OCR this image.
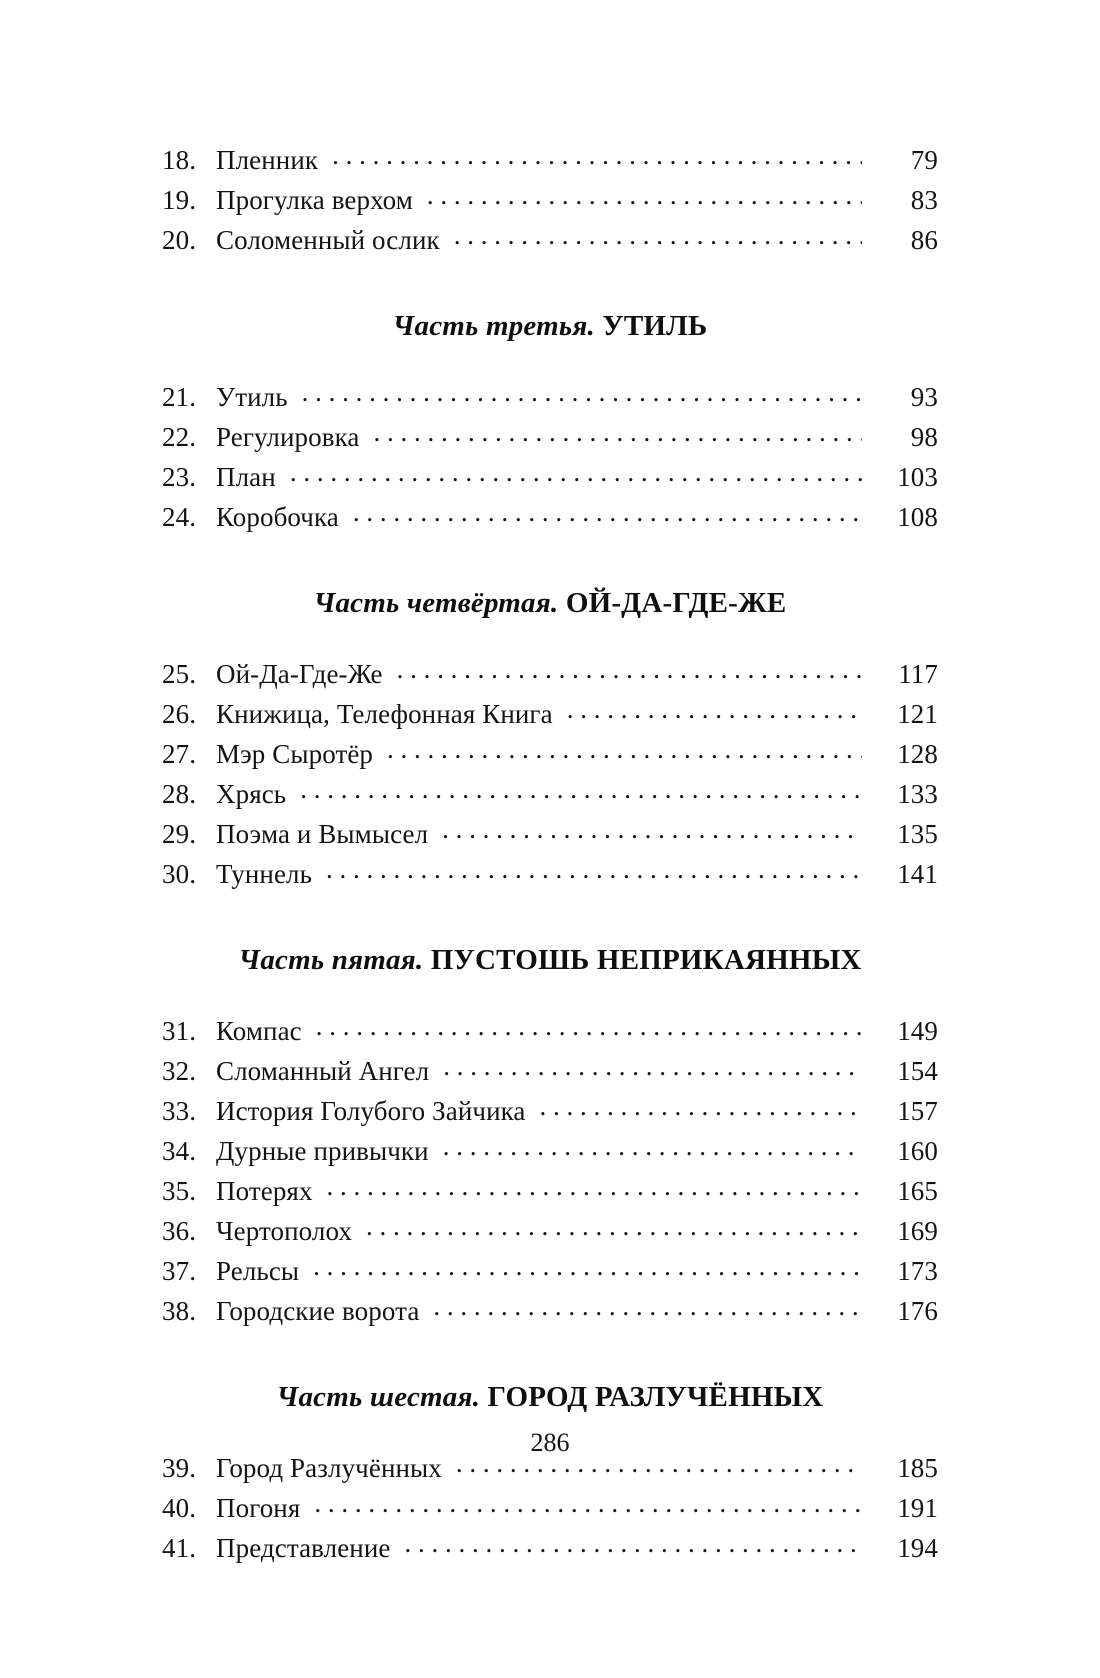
18. Пленник . . .	79
19. Прогулка верхом . . .	83
20. Соломенный ослик . . .	86
Часть третья. УТИЛЬ
21. Утиль . . .	93
22. Регулировка . . .	98
23. План . . .	103
24. Коробочка . . .	108
Часть четвёртая. ОЙ-ДА-ГДЕ-ЖЕ
25. Ой-Да-Где-Же . . .	117
26. Книжица, Телефонная Книга . . .	121
27. Мэр Сыротёр . . .	128
28. Хрясь . . .	133
29. Поэма и Вымысел . . .	135
30. Туннель . . .	141
Часть пятая. ПУСТОШЬ НЕПРИКАЯННЫХ
31. Компас . . .	149
32. Сломанный Ангел . . .	154
33. История Голубого Зайчика . . .	157
34. Дурные привычки . . .	160
35. Потерях . . .	165
36. Чертополох . . .	169
37. Рельсы . . .	173
38. Городские ворота . . .	176
Часть шестая. ГОРОД РАЗЛУЧЁННЫХ
39. Город Разлучённых . . .	185
40. Погоня . . .	191
41. Представление . . .	194
286
